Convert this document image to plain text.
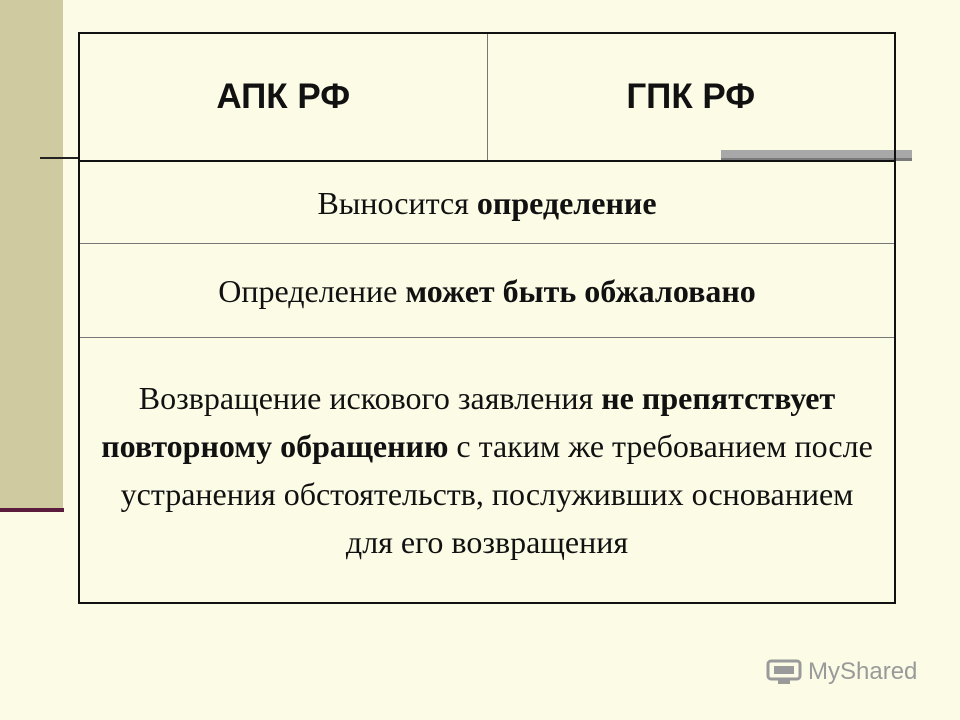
АПК РФ	ГПК РФ
Выносится определение
Определение может быть обжаловано
Возвращение искового заявления не препятствует повторному обращению с таким же требованием после устранения обстоятельств, послуживших основанием для его возвращения
MyShared
